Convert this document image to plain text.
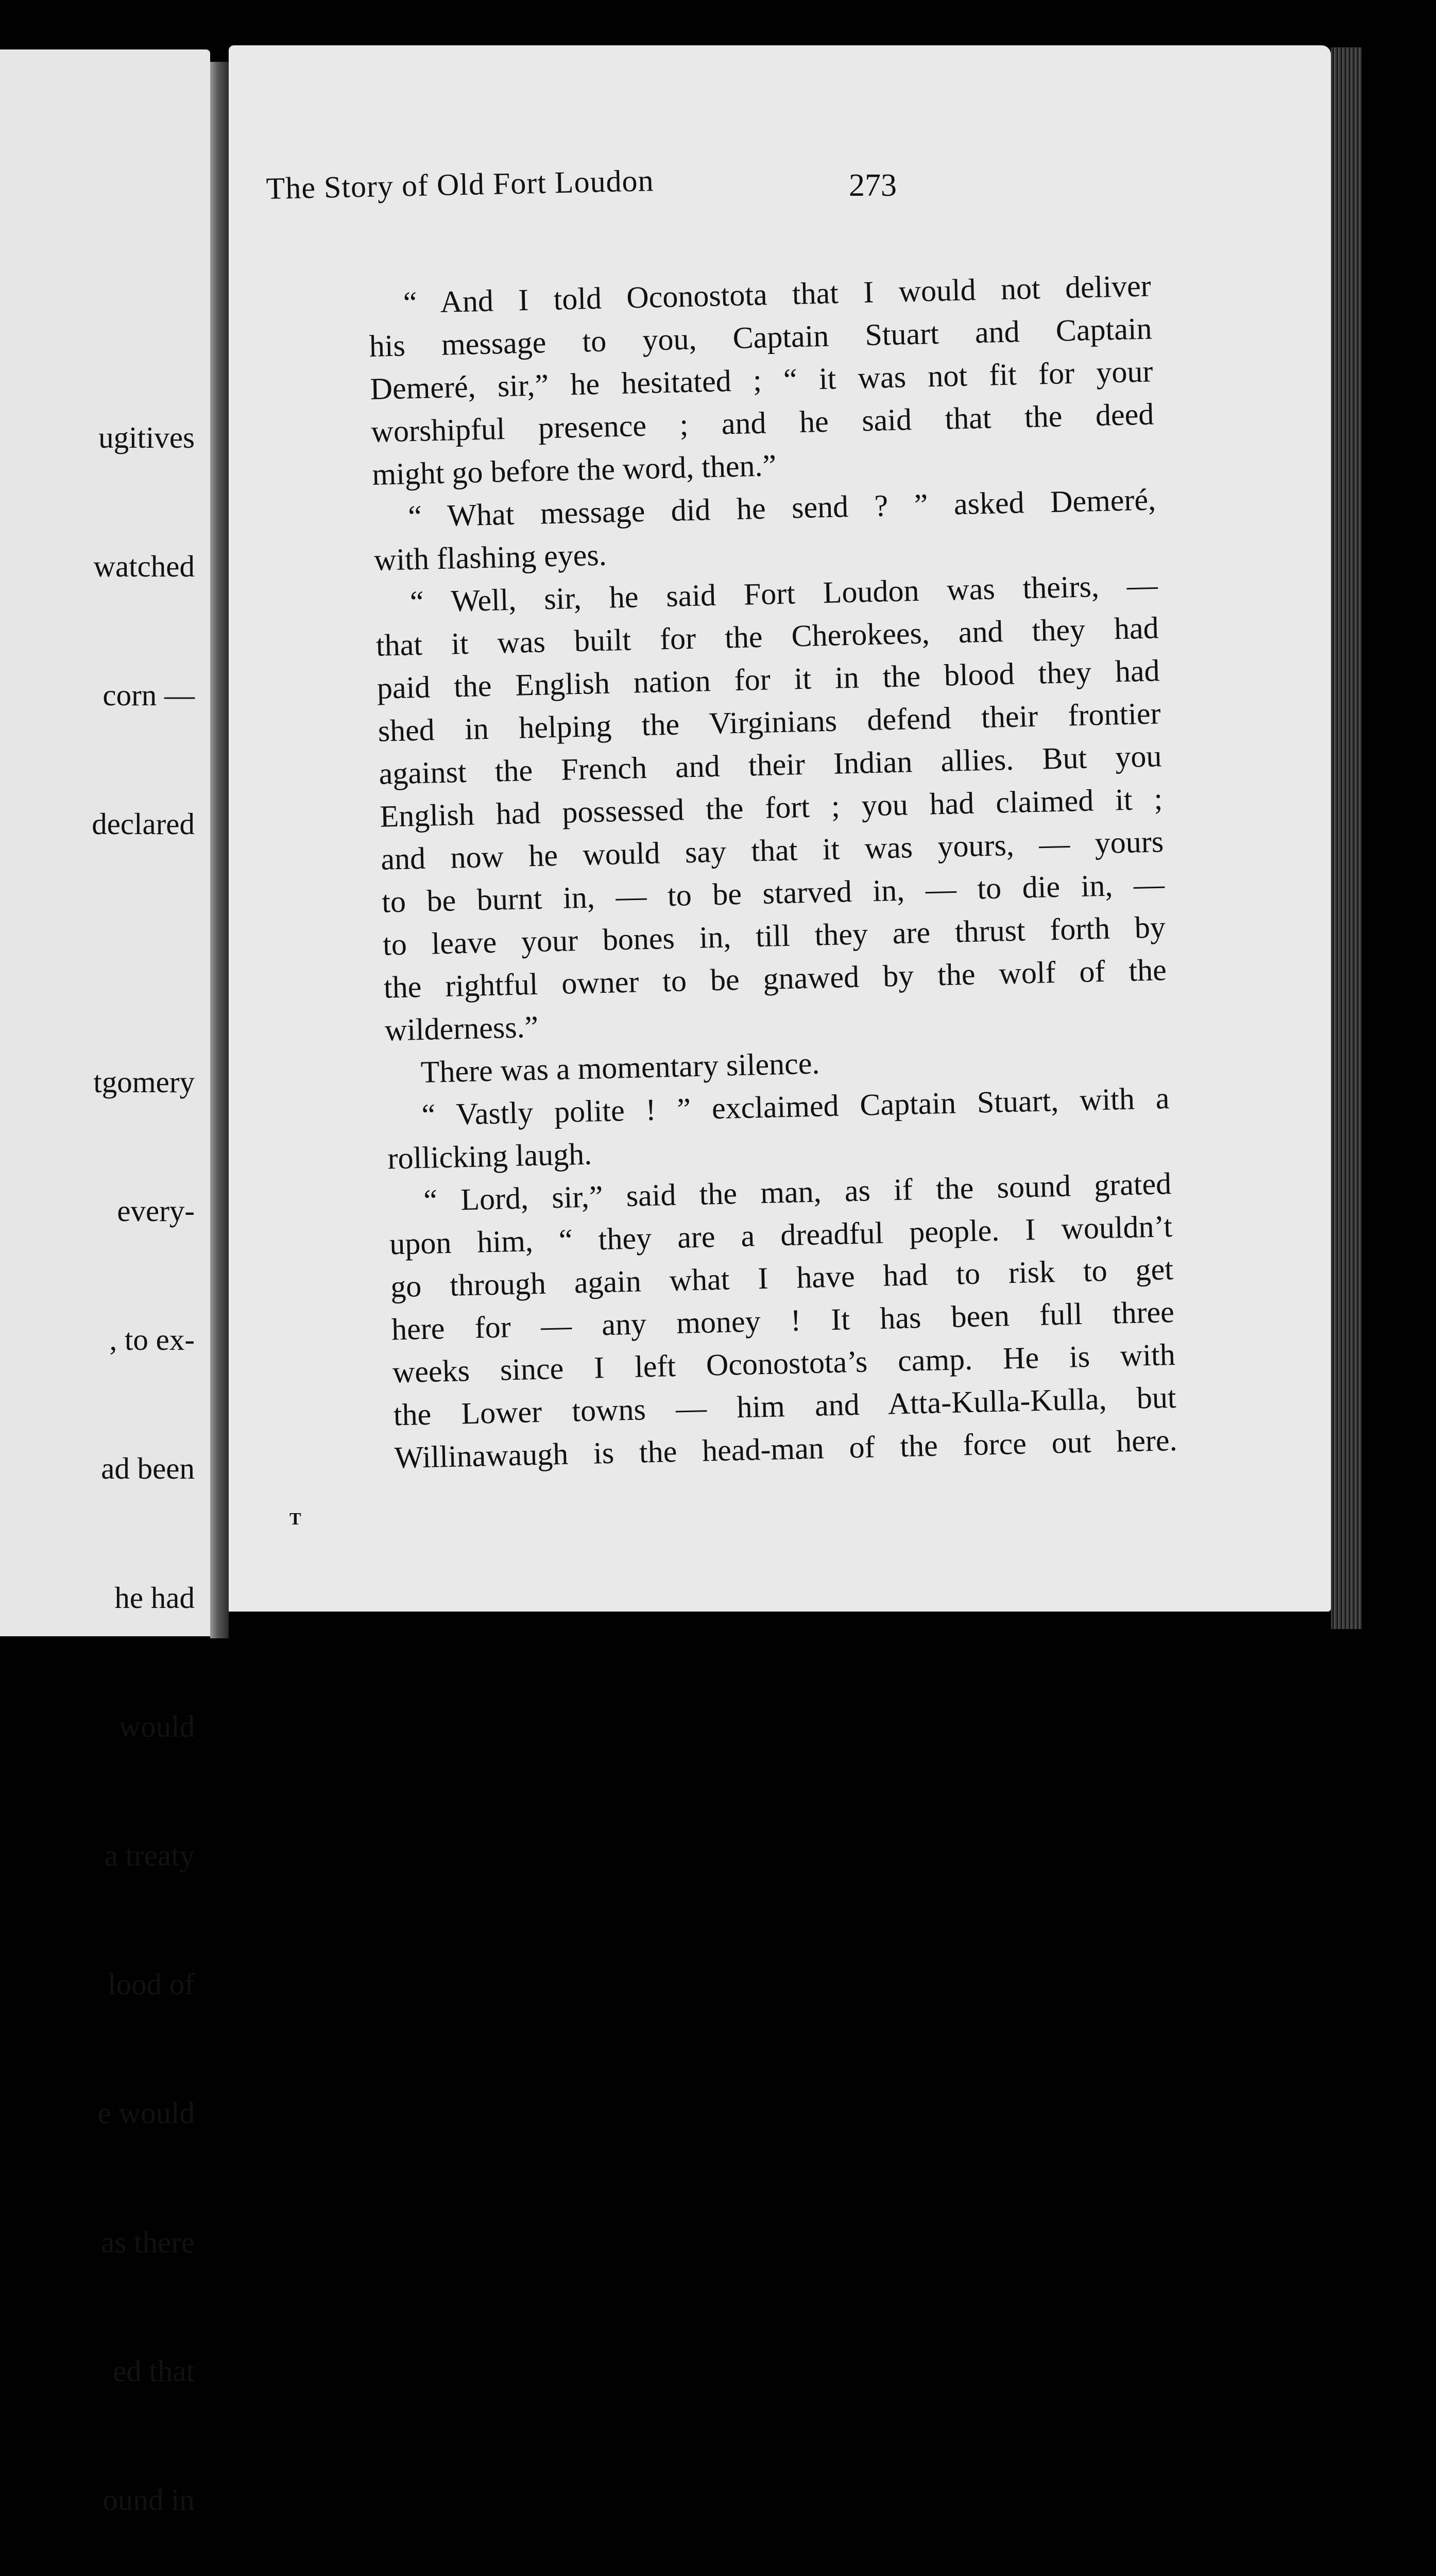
ugitives

watched

corn —

declared

tgomery

every-

, to ex-

ad been

he had

would

a treaty

lood of

e would

as there

ed that

ound in

“ And I told Oconostota that I would not deliver
his message to you, Captain Stuart and Captain
Demeré, sir,” he hesitated ; “ it was not fit for your
worshipful presence ; and he said that the deed
might go before the word, then.”
“ What message did he send ? ” asked Demeré,
with flashing eyes.
“ Well, sir, he said Fort Loudon was theirs, —
that it was built for the Cherokees, and they had
paid the English nation for it in the blood they had
shed in helping the Virginians defend their frontier
against the French and their Indian allies. But you
English had possessed the fort ; you had claimed it ;
and now he would say that it was yours, — yours
to be burnt in, — to be starved in, — to die in, —
to leave your bones in, till they are thrust forth by
the rightful owner to be gnawed by the wolf of the
wilderness.”
There was a momentary silence.
“ Vastly polite ! ” exclaimed Captain Stuart, with a
rollicking laugh.
“ Lord, sir,” said the man, as if the sound grated
upon him, “ they are a dreadful people. I wouldn’t
go through again what I have had to risk to get
here for — any money ! It has been full three
weeks since I left Oconostota’s camp. He is with
the Lower towns — him and Atta-Kulla-Kulla, but
Willinawaugh is the head-man of the force out here.
The Story of Old Fort Loudon	273
T
